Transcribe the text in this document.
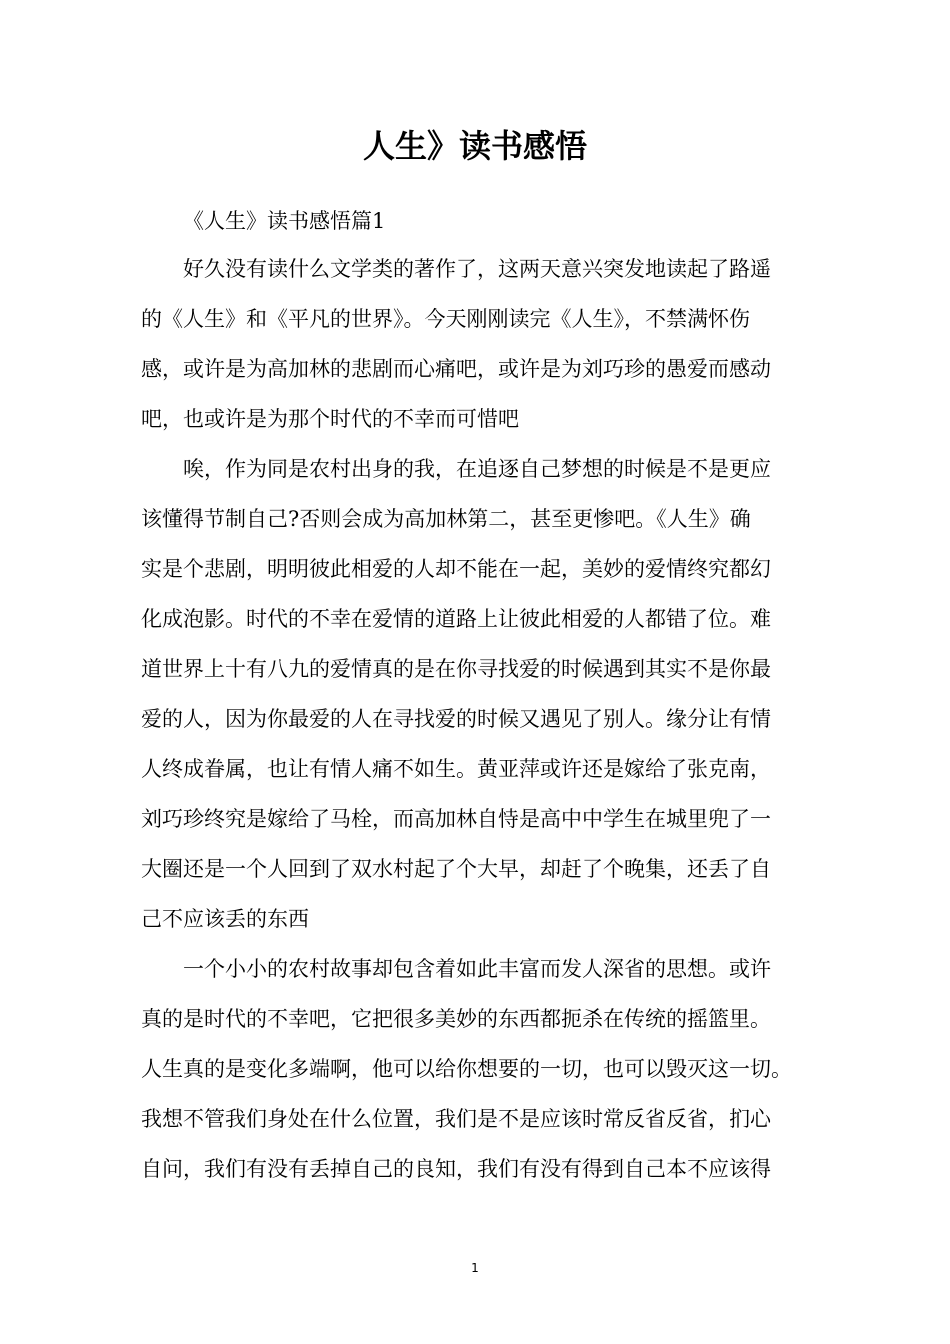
人生》读书感悟

《人生》读书感悟篇1

好久没有读什么文学类的著作了，这两天意兴突发地读起了路遥
的《人生》和《平凡的世界》。今天刚刚读完《人生》，不禁满怀伤
感，或许是为高加林的悲剧而心痛吧，或许是为刘巧珍的愚爱而感动
吧，也或许是为那个时代的不幸而可惜吧

唉，作为同是农村出身的我，在追逐自己梦想的时候是不是更应
该懂得节制自己?否则会成为高加林第二，甚至更惨吧。《人生》确
实是个悲剧，明明彼此相爱的人却不能在一起，美妙的爱情终究都幻
化成泡影。时代的不幸在爱情的道路上让彼此相爱的人都错了位。难
道世界上十有八九的爱情真的是在你寻找爱的时候遇到其实不是你最
爱的人，因为你最爱的人在寻找爱的时候又遇见了别人。缘分让有情
人终成眷属，也让有情人痛不如生。黄亚萍或许还是嫁给了张克南，
刘巧珍终究是嫁给了马栓，而高加林自恃是高中中学生在城里兜了一
大圈还是一个人回到了双水村起了个大早，却赶了个晚集，还丢了自
己不应该丢的东西

一个小小的农村故事却包含着如此丰富而发人深省的思想。或许
真的是时代的不幸吧，它把很多美妙的东西都扼杀在传统的摇篮里。
人生真的是变化多端啊，他可以给你想要的一切，也可以毁灭这一切。
我想不管我们身处在什么位置，我们是不是应该时常反省反省，扪心
自问，我们有没有丢掉自己的良知，我们有没有得到自己本不应该得

1
